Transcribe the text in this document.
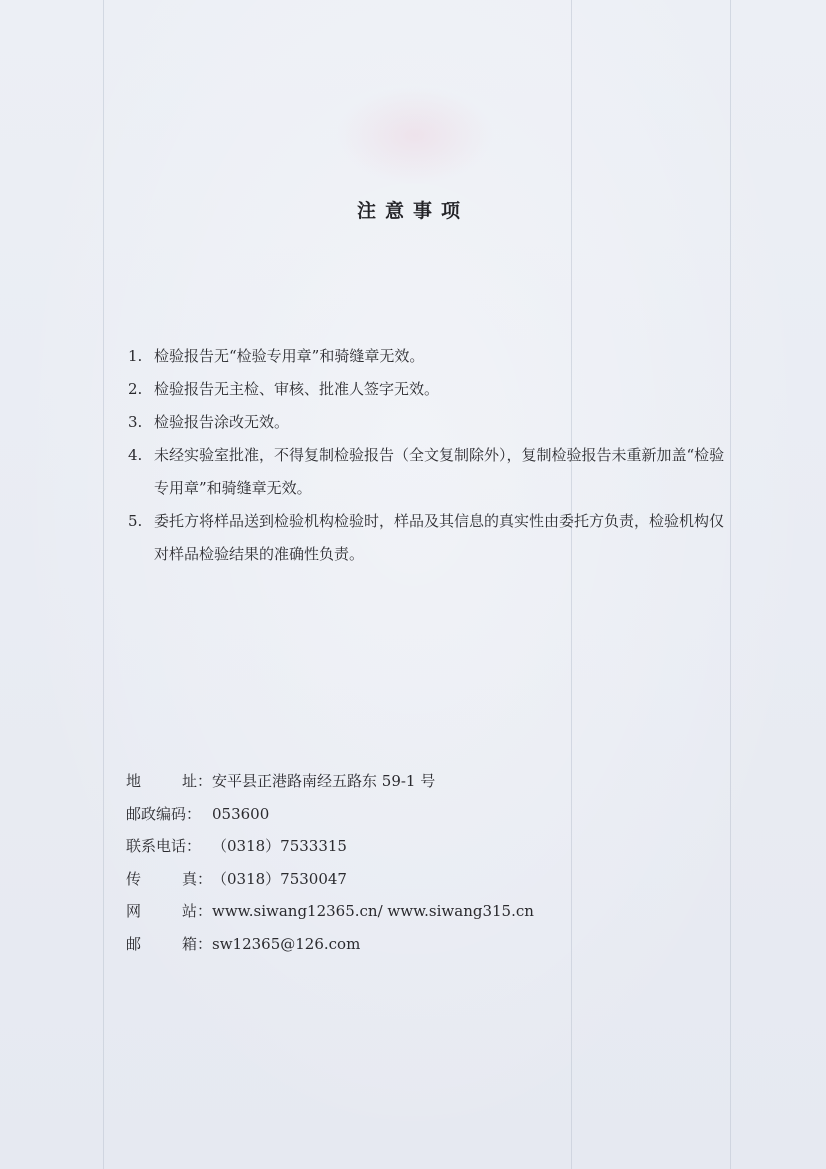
注意事项
1. 检验报告无“检验专用章”和骑缝章无效。
2. 检验报告无主检、审核、批准人签字无效。
3. 检验报告涂改无效。
4. 未经实验室批准，不得复制检验报告（全文复制除外），复制检验报告未重新加盖“检验专用章”和骑缝章无效。
5. 委托方将样品送到检验机构检验时，样品及其信息的真实性由委托方负责，检验机构仅对样品检验结果的准确性负责。
地	址： 安平县正港路南经五路东 59-1 号
邮政编码： 053600
联系电话： （0318）7533315
传	真： （0318）7530047
网	站： www.siwang12365.cn/ www.siwang315.cn
邮	箱： sw12365@126.com
